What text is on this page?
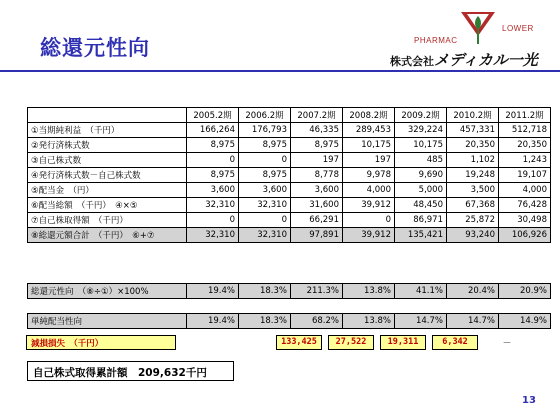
総還元性向
LOWER
PHARMAC
株式会社メディカル一光
	2005.2期	2006.2期	2007.2期	2008.2期	2009.2期	2010.2期	2011.2期
①当期純利益　（千円）	166,264	176,793	46,335	289,453	329,224	457,331	512,718
②発行済株式数	8,975	8,975	8,975	10,175	10,175	20,350	20,350
③自己株式数	0	0	197	197	485	1,102	1,243
④発行済株式数－自己株式数	8,975	8,975	8,778	9,978	9,690	19,248	19,107
⑤配当金　（円）	3,600	3,600	3,600	4,000	5,000	3,500	4,000
⑥配当総額　（千円）　④×⑤	32,310	32,310	31,600	39,912	48,450	67,368	76,428
⑦自己株取得額　（千円）	0	0	66,291	0	86,971	25,872	30,498
⑧総還元額合計　（千円）　⑥+⑦	32,310	32,310	97,891	39,912	135,421	93,240	106,926
総還元性向　（⑧÷①）×100%	19.4%	18.3%	211.3%	13.8%	41.1%	20.4%	20.9%
単純配当性向	19.4%	18.3%	68.2%	13.8%	14.7%	14.7%	14.9%
減損損失　（千円）	133,425	27,522	19,311	6,342	－
自己株式取得累計額　209,632千円
13
